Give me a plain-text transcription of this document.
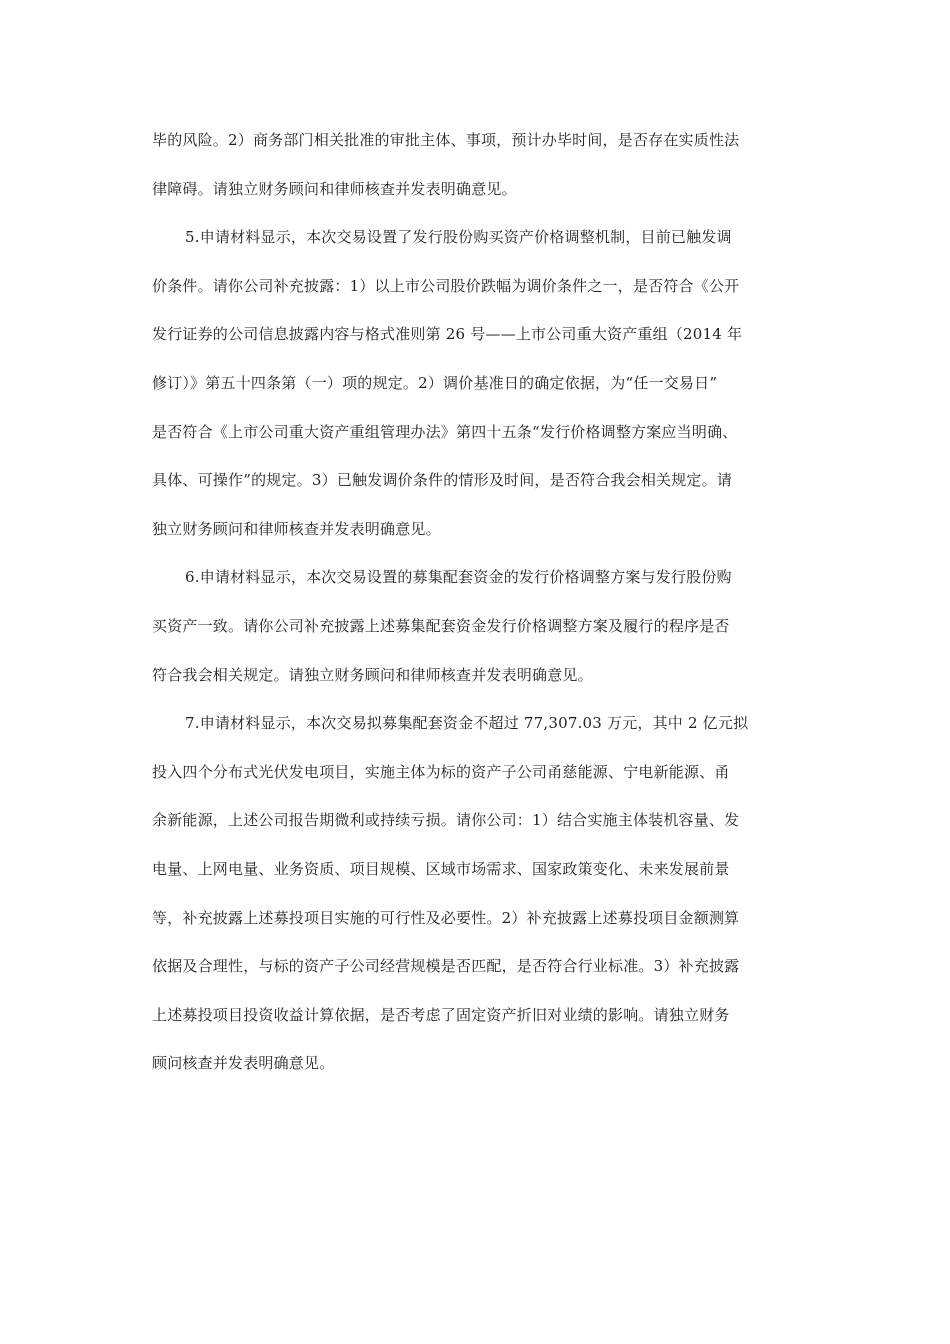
毕的风险。2）商务部门相关批准的审批主体、事项，预计办毕时间，是否存在实质性法
律障碍。请独立财务顾问和律师核查并发表明确意见。
5.申请材料显示，本次交易设置了发行股份购买资产价格调整机制，目前已触发调
价条件。请你公司补充披露：1）以上市公司股价跌幅为调价条件之一，是否符合《公开
发行证券的公司信息披露内容与格式准则第 26 号——上市公司重大资产重组（2014 年
修订）》第五十四条第（一）项的规定。2）调价基准日的确定依据，为“任一交易日”
是否符合《上市公司重大资产重组管理办法》第四十五条“发行价格调整方案应当明确、
具体、可操作”的规定。3）已触发调价条件的情形及时间，是否符合我会相关规定。请
独立财务顾问和律师核查并发表明确意见。
6.申请材料显示，本次交易设置的募集配套资金的发行价格调整方案与发行股份购
买资产一致。请你公司补充披露上述募集配套资金发行价格调整方案及履行的程序是否
符合我会相关规定。请独立财务顾问和律师核查并发表明确意见。
7.申请材料显示，本次交易拟募集配套资金不超过 77,307.03 万元，其中 2 亿元拟
投入四个分布式光伏发电项目，实施主体为标的资产子公司甬慈能源、宁电新能源、甬
余新能源，上述公司报告期微利或持续亏损。请你公司：1）结合实施主体装机容量、发
电量、上网电量、业务资质、项目规模、区域市场需求、国家政策变化、未来发展前景
等，补充披露上述募投项目实施的可行性及必要性。2）补充披露上述募投项目金额测算
依据及合理性，与标的资产子公司经营规模是否匹配，是否符合行业标准。3）补充披露
上述募投项目投资收益计算依据，是否考虑了固定资产折旧对业绩的影响。请独立财务
顾问核查并发表明确意见。
